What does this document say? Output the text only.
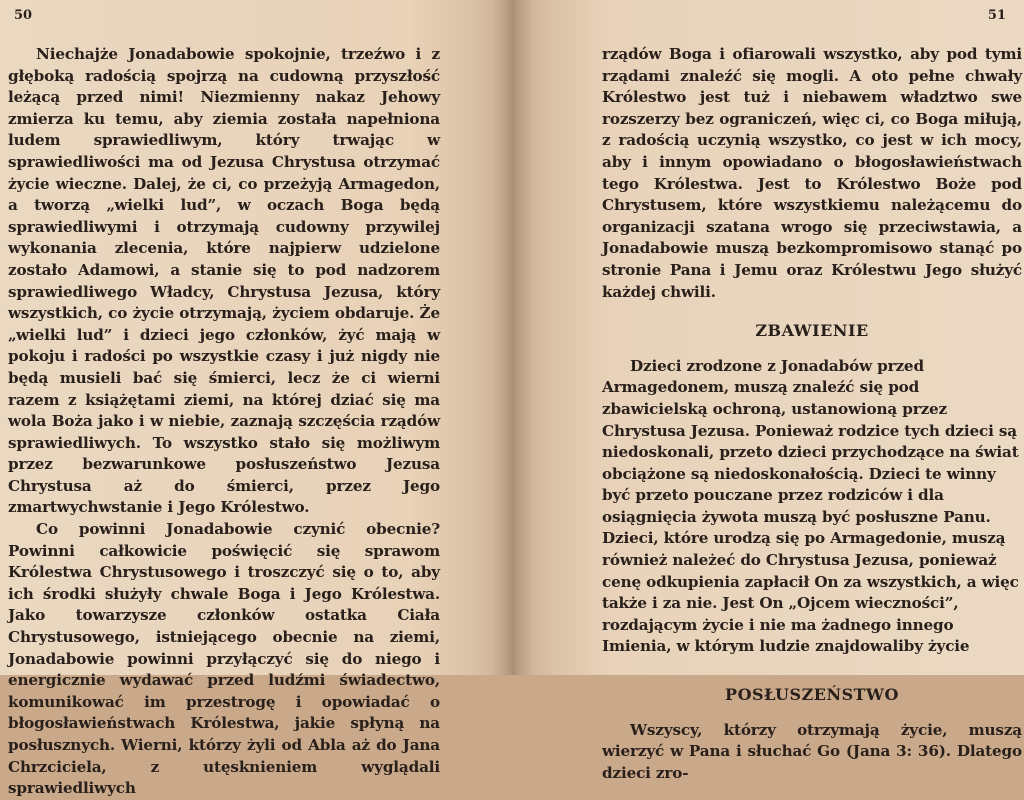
50

Niechajże Jonadabowie spokojnie, trzeźwo i z głęboką radością spojrzą na cudowną przyszłość leżącą przed nimi! Niezmienny nakaz Jehowy zmierza ku temu, aby ziemia została napełniona ludem sprawiedliwym, który trwając w sprawiedliwości ma od Jezusa Chrystusa otrzymać życie wieczne. Dalej, że ci, co przeżyją Armagedon, a tworzą „wielki lud”, w oczach Boga będą sprawiedliwymi i otrzymają cudowny przywilej wykonania zlecenia, które najpierw udzielone zostało Adamowi, a stanie się to pod nadzorem sprawiedliwego Władcy, Chrystusa Jezusa, który wszystkich, co życie otrzymają, życiem obdaruje. Że „wielki lud” i dzieci jego członków, żyć mają w pokoju i radości po wszystkie czasy i już nigdy nie będą musieli bać się śmierci, lecz że ci wierni razem z książętami ziemi, na której dziać się ma wola Boża jako i w niebie, zaznają szczęścia rządów sprawiedliwych. To wszystko stało się możliwym przez bezwarunkowe posłuszeństwo Jezusa Chrystusa aż do śmierci, przez Jego zmartwychwstanie i Jego Królestwo.

Co powinni Jonadabowie czynić obecnie? Powinni całkowicie poświęcić się sprawom Królestwa Chrystusowego i troszczyć się o to, aby ich środki służyły chwale Boga i Jego Królestwa. Jako towarzysze członków ostatka Ciała Chrystusowego, istniejącego obecnie na ziemi, Jonadabowie powinni przyłączyć się do niego i energicznie wydawać przed ludźmi świadectwo, komunikować im przestrogę i opowiadać o błogosławieństwach Królestwa, jakie spłyną na posłusznych. Wierni, którzy żyli od Abla aż do Jana Chrzciciela, z utęsknieniem wyglądali sprawiedliwych

51

rządów Boga i ofiarowali wszystko, aby pod tymi rządami znaleźć się mogli. A oto pełne chwały Królestwo jest tuż i niebawem władztwo swe rozszerzy bez ograniczeń, więc ci, co Boga miłują, z radością uczynią wszystko, co jest w ich mocy, aby i innym opowiadano o błogosławieństwach tego Królestwa. Jest to Królestwo Boże pod Chrystusem, które wszystkiemu należącemu do organizacji szatana wrogo się przeciwstawia, a Jonadabowie muszą bezkompromisowo stanąć po stronie Pana i Jemu oraz Królestwu Jego służyć każdej chwili.

ZBAWIENIE

Dzieci zrodzone z Jonadabów przed Armagedonem, muszą znaleźć się pod zbawicielską ochroną, ustanowioną przez Chrystusa Jezusa. Ponieważ rodzice tych dzieci są niedoskonali, przeto dzieci przychodzące na świat obciążone są niedoskonałością. Dzieci te winny być przeto pouczane przez rodziców i dla osiągnięcia żywota muszą być posłuszne Panu. Dzieci, które urodzą się po Armagedonie, muszą również należeć do Chrystusa Jezusa, ponieważ cenę odkupienia zapłacił On za wszystkich, a więc także i za nie. Jest On „Ojcem wieczności”, rozdającym życie i nie ma żadnego innego Imienia, w którym ludzie znajdowaliby życie

POSŁUSZEŃSTWO

Wszyscy, którzy otrzymają życie, muszą wierzyć w Pana i słuchać Go (Jana 3: 36). Dlatego dzieci zro-
